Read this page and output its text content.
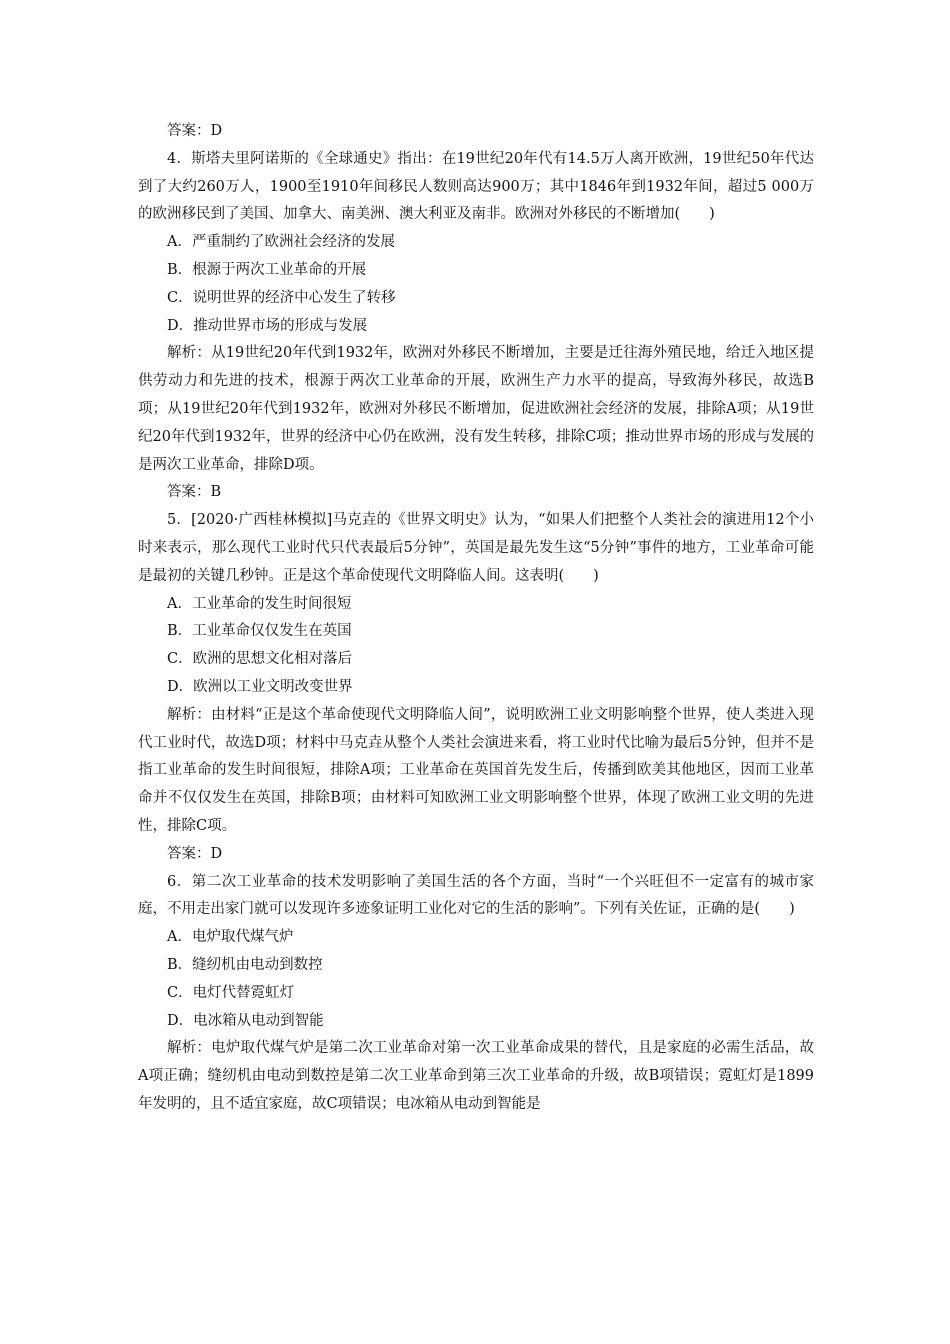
答案：D

4．斯塔夫里阿诺斯的《全球通史》指出：在19世纪20年代有14.5万人离开欧洲，19世纪50年代达到了大约260万人，1900至1910年间移民人数则高达900万；其中1846年到1932年间，超过5 000万的欧洲移民到了美国、加拿大、南美洲、澳大利亚及南非。欧洲对外移民的不断增加(　　)

A．严重制约了欧洲社会经济的发展

B．根源于两次工业革命的开展

C．说明世界的经济中心发生了转移

D．推动世界市场的形成与发展

解析：从19世纪20年代到1932年，欧洲对外移民不断增加，主要是迁往海外殖民地，给迁入地区提供劳动力和先进的技术，根源于两次工业革命的开展，欧洲生产力水平的提高，导致海外移民，故选B项；从19世纪20年代到1932年，欧洲对外移民不断增加，促进欧洲社会经济的发展，排除A项；从19世纪20年代到1932年，世界的经济中心仍在欧洲，没有发生转移，排除C项；推动世界市场的形成与发展的是两次工业革命，排除D项。

答案：B

5．[2020·广西桂林模拟]马克垚的《世界文明史》认为，“如果人们把整个人类社会的演进用12个小时来表示，那么现代工业时代只代表最后5分钟”，英国是最先发生这“5分钟”事件的地方，工业革命可能是最初的关键几秒钟。正是这个革命使现代文明降临人间。这表明(　　)

A．工业革命的发生时间很短

B．工业革命仅仅发生在英国

C．欧洲的思想文化相对落后

D．欧洲以工业文明改变世界

解析：由材料“正是这个革命使现代文明降临人间”，说明欧洲工业文明影响整个世界，使人类进入现代工业时代，故选D项；材料中马克垚从整个人类社会演进来看，将工业时代比喻为最后5分钟，但并不是指工业革命的发生时间很短，排除A项；工业革命在英国首先发生后，传播到欧美其他地区，因而工业革命并不仅仅发生在英国，排除B项；由材料可知欧洲工业文明影响整个世界，体现了欧洲工业文明的先进性，排除C项。

答案：D

6．第二次工业革命的技术发明影响了美国生活的各个方面，当时“一个兴旺但不一定富有的城市家庭，不用走出家门就可以发现许多迹象证明工业化对它的生活的影响”。下列有关佐证，正确的是(　　)

A．电炉取代煤气炉

B．缝纫机由电动到数控

C．电灯代替霓虹灯

D．电冰箱从电动到智能

解析：电炉取代煤气炉是第二次工业革命对第一次工业革命成果的替代，且是家庭的必需生活品，故A项正确；缝纫机由电动到数控是第二次工业革命到第三次工业革命的升级，故B项错误；霓虹灯是1899年发明的，且不适宜家庭，故C项错误；电冰箱从电动到智能是
